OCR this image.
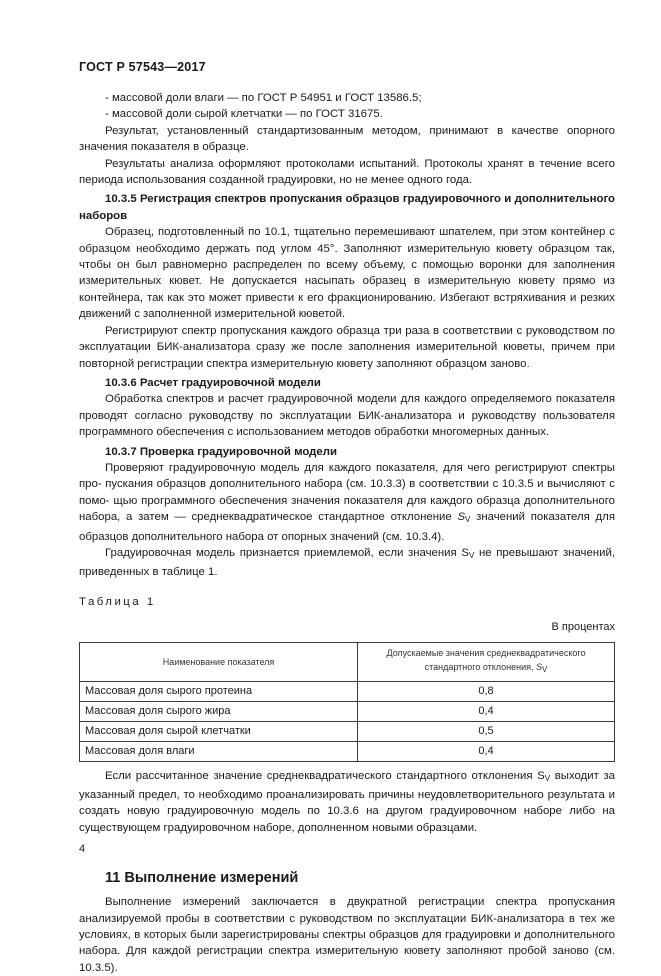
ГОСТ Р 57543—2017

- массовой доли влаги — по ГОСТ Р 54951 и ГОСТ 13586.5;

- массовой доли сырой клетчатки — по ГОСТ 31675.

Результат, установленный стандартизованным методом, принимают в качестве опорного значения показателя в образце.

Результаты анализа оформляют протоколами испытаний. Протоколы хранят в течение всего периода использования созданной градуировки, но не менее одного года.

10.3.5 Регистрация спектров пропускания образцов градуировочного и дополнительного наборов

Образец, подготовленный по 10.1, тщательно перемешивают шпателем, при этом контейнер с образцом необходимо держать под углом 45°. Заполняют измерительную кювету образцом так, чтобы он был равномерно распределен по всему объему, с помощью воронки для заполнения измерительных кювет. Не допускается насыпать образец в измерительную кювету прямо из контейнера, так как это может привести к его фракционированию. Избегают встряхивания и резких движений с заполненной измерительной кюветой.

Регистрируют спектр пропускания каждого образца три раза в соответствии с руководством по эксплуатации БИК-анализатора сразу же после заполнения измерительной кюветы, причем при повторной регистрации спектра измерительную кювету заполняют образцом заново.

10.3.6 Расчет градуировочной модели

Обработка спектров и расчет градуировочной модели для каждого определяемого показателя проводят согласно руководству по эксплуатации БИК-анализатора и руководству пользователя программного обеспечения с использованием методов обработки многомерных данных.

10.3.7 Проверка градуировочной модели

Проверяют градуировочную модель для каждого показателя, для чего регистрируют спектры про- пускания образцов дополнительного набора (см. 10.3.3) в соответствии с 10.3.5 и вычисляют с помо- щью программного обеспечения значения показателя для каждого образца дополнительного набора, а затем — среднеквадратическое стандартное отклонение $S_V$ значений показателя для образцов дополнительного набора от опорных значений (см. 10.3.4).

Градуировочная модель признается приемлемой, если значения $S_V$ не превышают значений, приведенных в таблице 1.

Таблица 1

В процентах

Наименование показателя	Допускаемые значения среднеквадратического стандартного отклонения, $S_V$
Массовая доля сырого протеина	0,8
Массовая доля сырого жира	0,4
Массовая доля сырой клетчатки	0,5
Массовая доля влаги	0,4

Если рассчитанное значение среднеквадратического стандартного отклонения $S_V$ выходит за указанный предел, то необходимо проанализировать причины неудовлетворительного результата и создать новую градуировочную модель по 10.3.6 на другом градуировочном наборе либо на существующем градуировочном наборе, дополненном новыми образцами.

11 Выполнение измерений

Выполнение измерений заключается в двукратной регистрации спектра пропускания анализируемой пробы в соответствии с руководством по эксплуатации БИК-анализатора в тех же условиях, в которых были зарегистрированы спектры образцов для градуировки и дополнительного набора. Для каждой регистрации спектра измерительную кювету заполняют пробой заново (см. 10.3.5).

4
